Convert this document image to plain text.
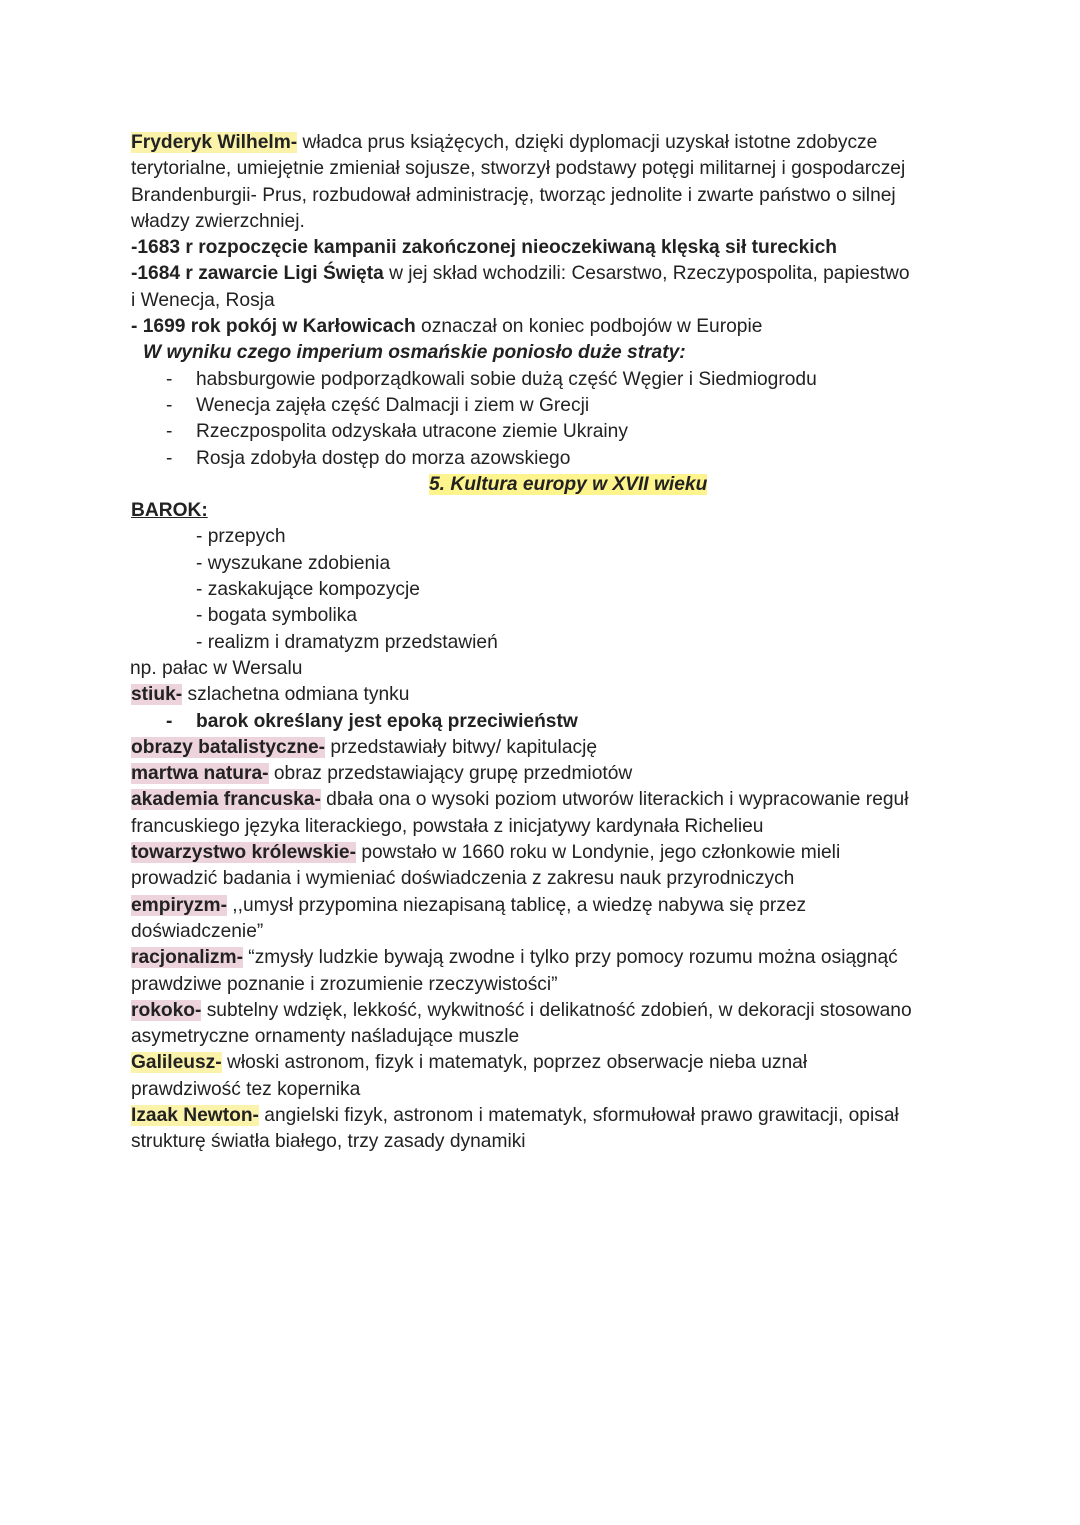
Fryderyk Wilhelm- władca prus książęcych, dzięki dyplomacji uzyskał istotne zdobycze
terytorialne, umiejętnie zmieniał sojusze, stworzył podstawy potęgi militarnej i gospodarczej
Brandenburgii- Prus, rozbudował administrację, tworząc jednolite i zwarte państwo o silnej
władzy zwierzchniej.
-1683 r rozpoczęcie kampanii zakończonej nieoczekiwaną klęską sił tureckich
-1684 r zawarcie Ligi Święta w jej skład wchodzili: Cesarstwo, Rzeczypospolita, papiestwo
i Wenecja, Rosja
- 1699 rok pokój w Karłowicach oznaczał on koniec podbojów w Europie
W wyniku czego imperium osmańskie poniosło duże straty:
- habsburgowie podporządkowali sobie dużą część Węgier i Siedmiogrodu
- Wenecja zajęła część Dalmacji i ziem w Grecji
- Rzeczpospolita odzyskała utracone ziemie Ukrainy
- Rosja zdobyła dostęp do morza azowskiego
5. Kultura europy w XVII wieku
BAROK:
- przepych
- wyszukane zdobienia
- zaskakujące kompozycje
- bogata symbolika
- realizm i dramatyzm przedstawień
np. pałac w Wersalu
stiuk- szlachetna odmiana tynku
- barok określany jest epoką przeciwieństw
obrazy batalistyczne- przedstawiały bitwy/ kapitulację
martwa natura- obraz przedstawiający grupę przedmiotów
akademia francuska- dbała ona o wysoki poziom utworów literackich i wypracowanie reguł
francuskiego języka literackiego, powstała z inicjatywy kardynała Richelieu
towarzystwo królewskie- powstało w 1660 roku w Londynie, jego członkowie mieli
prowadzić badania i wymieniać doświadczenia z zakresu nauk przyrodniczych
empiryzm- ,,umysł przypomina niezapisaną tablicę, a wiedzę nabywa się przez
doświadczenie”
racjonalizm- “zmysły ludzkie bywają zwodne i tylko przy pomocy rozumu można osiągnąć
prawdziwe poznanie i zrozumienie rzeczywistości”
rokoko- subtelny wdzięk, lekkość, wykwitność i delikatność zdobień, w dekoracji stosowano
asymetryczne ornamenty naśladujące muszle
Galileusz- włoski astronom, fizyk i matematyk, poprzez obserwacje nieba uznał
prawdziwość tez kopernika
Izaak Newton- angielski fizyk, astronom i matematyk, sformułował prawo grawitacji, opisał
strukturę światła białego, trzy zasady dynamiki
